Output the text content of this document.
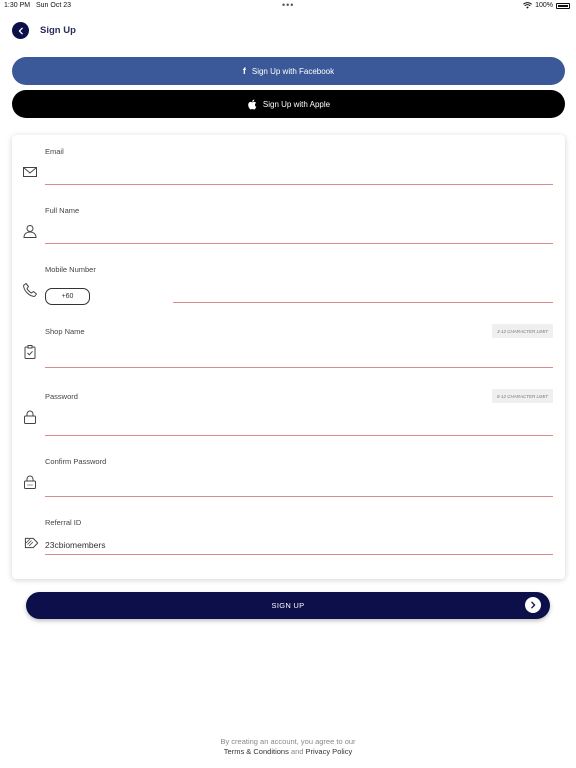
1:30 PM Sun Oct 23	•••	100%
Sign Up
f Sign Up with Facebook
Sign Up with Apple
Email
Full Name
Mobile Number
+60
Shop Name	3-12 CHARACTER LIMIT
Password	8-12 CHARACTER LIMIT
Confirm Password
Referral ID
23cbiomembers
SIGN UP
By creating an account, you agree to our
Terms & Conditions and Privacy Policy
